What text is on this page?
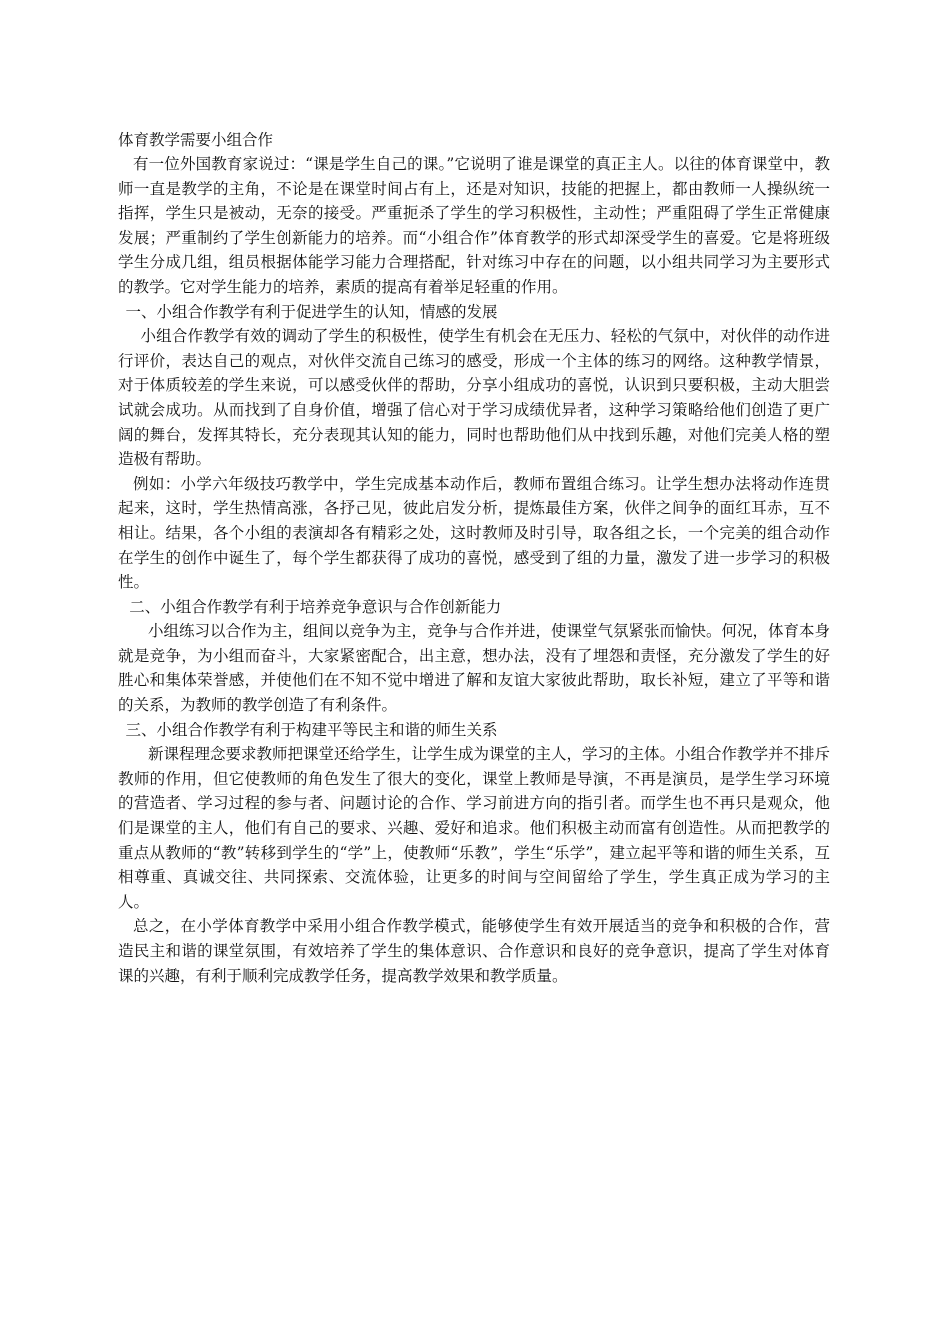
体育教学需要小组合作
有一位外国教育家说过：“课是学生自己的课。”它说明了谁是课堂的真正主人。以往的体育课堂中，教师一直是教学的主角，不论是在课堂时间占有上，还是对知识，技能的把握上，都由教师一人操纵统一指挥，学生只是被动，无奈的接受。严重扼杀了学生的学习积极性，主动性；严重阻碍了学生正常健康发展；严重制约了学生创新能力的培养。而“小组合作”体育教学的形式却深受学生的喜爱。它是将班级学生分成几组，组员根据体能学习能力合理搭配，针对练习中存在的问题，以小组共同学习为主要形式的教学。它对学生能力的培养，素质的提高有着举足轻重的作用。
一、小组合作教学有利于促进学生的认知，情感的发展
小组合作教学有效的调动了学生的积极性，使学生有机会在无压力、轻松的气氛中，对伙伴的动作进行评价，表达自己的观点，对伙伴交流自己练习的感受，形成一个主体的练习的网络。这种教学情景，对于体质较差的学生来说，可以感受伙伴的帮助，分享小组成功的喜悦，认识到只要积极，主动大胆尝试就会成功。从而找到了自身价值，增强了信心对于学习成绩优异者，这种学习策略给他们创造了更广阔的舞台，发挥其特长，充分表现其认知的能力，同时也帮助他们从中找到乐趣，对他们完美人格的塑造极有帮助。
例如：小学六年级技巧教学中，学生完成基本动作后，教师布置组合练习。让学生想办法将动作连贯起来，这时，学生热情高涨，各抒己见，彼此启发分析，提炼最佳方案，伙伴之间争的面红耳赤，互不相让。结果，各个小组的表演却各有精彩之处，这时教师及时引导，取各组之长，一个完美的组合动作在学生的创作中诞生了，每个学生都获得了成功的喜悦，感受到了组的力量，激发了进一步学习的积极性。
二、小组合作教学有利于培养竞争意识与合作创新能力
小组练习以合作为主，组间以竞争为主，竞争与合作并进，使课堂气氛紧张而愉快。何况，体育本身就是竞争，为小组而奋斗，大家紧密配合，出主意，想办法，没有了埋怨和责怪，充分激发了学生的好胜心和集体荣誉感，并使他们在不知不觉中增进了解和友谊大家彼此帮助，取长补短，建立了平等和谐的关系，为教师的教学创造了有利条件。
三、小组合作教学有利于构建平等民主和谐的师生关系
新课程理念要求教师把课堂还给学生，让学生成为课堂的主人，学习的主体。小组合作教学并不排斥教师的作用，但它使教师的角色发生了很大的变化，课堂上教师是导演，不再是演员，是学生学习环境的营造者、学习过程的参与者、问题讨论的合作、学习前进方向的指引者。而学生也不再只是观众，他们是课堂的主人，他们有自己的要求、兴趣、爱好和追求。他们积极主动而富有创造性。从而把教学的重点从教师的“教”转移到学生的“学”上，使教师“乐教”，学生“乐学”，建立起平等和谐的师生关系，互相尊重、真诚交往、共同探索、交流体验，让更多的时间与空间留给了学生，学生真正成为学习的主人。
总之，在小学体育教学中采用小组合作教学模式，能够使学生有效开展适当的竞争和积极的合作，营造民主和谐的课堂氛围，有效培养了学生的集体意识、合作意识和良好的竞争意识，提高了学生对体育课的兴趣，有利于顺利完成教学任务，提高教学效果和教学质量。
